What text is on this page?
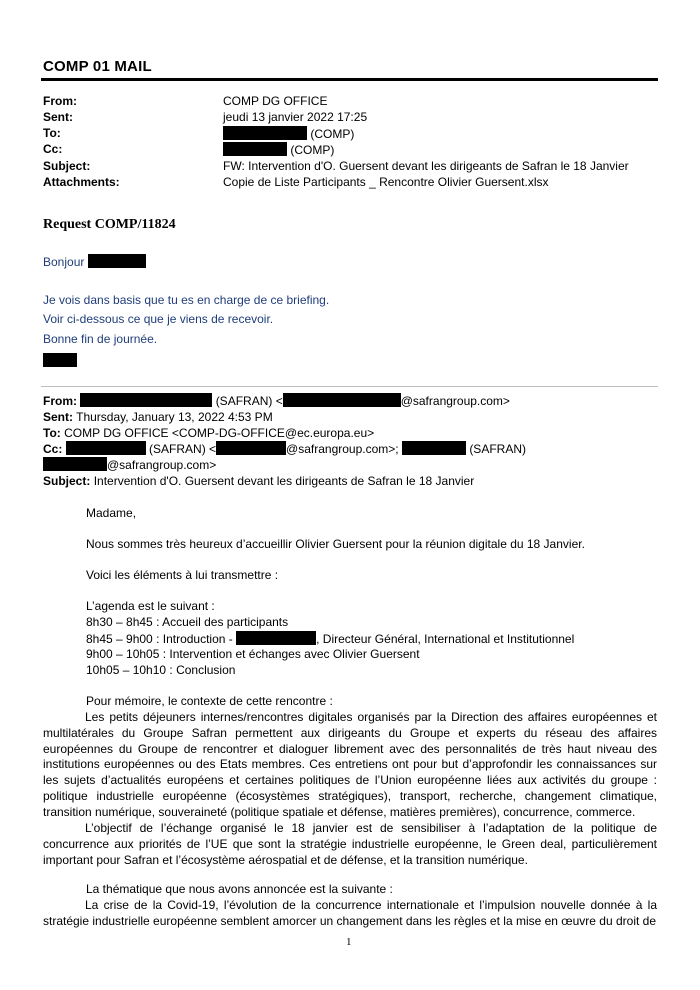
COMP 01 MAIL
From:	COMP DG OFFICE
Sent:	jeudi 13 janvier 2022 17:25
To:	(COMP)
Cc:	(COMP)
Subject:	FW: Intervention d'O. Guersent devant les dirigeants de Safran le 18 Janvier
Attachments:	Copie de Liste Participants _ Rencontre Olivier Guersent.xlsx
Request COMP/11824
Bonjour
Je vois dans basis que tu es en charge de ce briefing.
Voir ci-dessous ce que je viens de recevoir.
Bonne fin de journée.
From:	(SAFRAN) <	@safrangroup.com>
Sent: Thursday, January 13, 2022 4:53 PM
To: COMP DG OFFICE <COMP-DG-OFFICE@ec.europa.eu>
Cc:	(SAFRAN) <	@safrangroup.com>;	(SAFRAN)
@safrangroup.com>
Subject: Intervention d'O. Guersent devant les dirigeants de Safran le 18 Janvier
Madame,
Nous sommes très heureux d’accueillir Olivier Guersent pour la réunion digitale du 18 Janvier.
Voici les éléments à lui transmettre :
L’agenda est le suivant :
8h30 – 8h45 : Accueil des participants
8h45 – 9h00 : Introduction -	, Directeur Général, International et Institutionnel
9h00 – 10h05 : Intervention et échanges avec Olivier Guersent
10h05 – 10h10 : Conclusion
Pour mémoire, le contexte de cette rencontre :
Les petits déjeuners internes/rencontres digitales organisés par la Direction des affaires européennes et multilatérales du Groupe Safran permettent aux dirigeants du Groupe et experts du réseau des affaires européennes du Groupe de rencontrer et dialoguer librement avec des personnalités de très haut niveau des institutions européennes ou des Etats membres. Ces entretiens ont pour but d’approfondir les connaissances sur les sujets d’actualités européens et certaines politiques de l’Union européenne liées aux activités du groupe : politique industrielle européenne (écosystèmes stratégiques), transport, recherche, changement climatique, transition numérique, souveraineté (politique spatiale et défense, matières premières), concurrence, commerce.
L’objectif de l’échange organisé le 18 janvier est de sensibiliser à l’adaptation de la politique de concurrence aux priorités de l’UE que sont la stratégie industrielle européenne, le Green deal, particulièrement important pour Safran et l’écosystème aérospatial et de défense, et la transition numérique.
La thématique que nous avons annoncée est la suivante :
La crise de la Covid-19, l’évolution de la concurrence internationale et l’impulsion nouvelle donnée à la stratégie industrielle européenne semblent amorcer un changement dans les règles et la mise en œuvre du droit de
1
